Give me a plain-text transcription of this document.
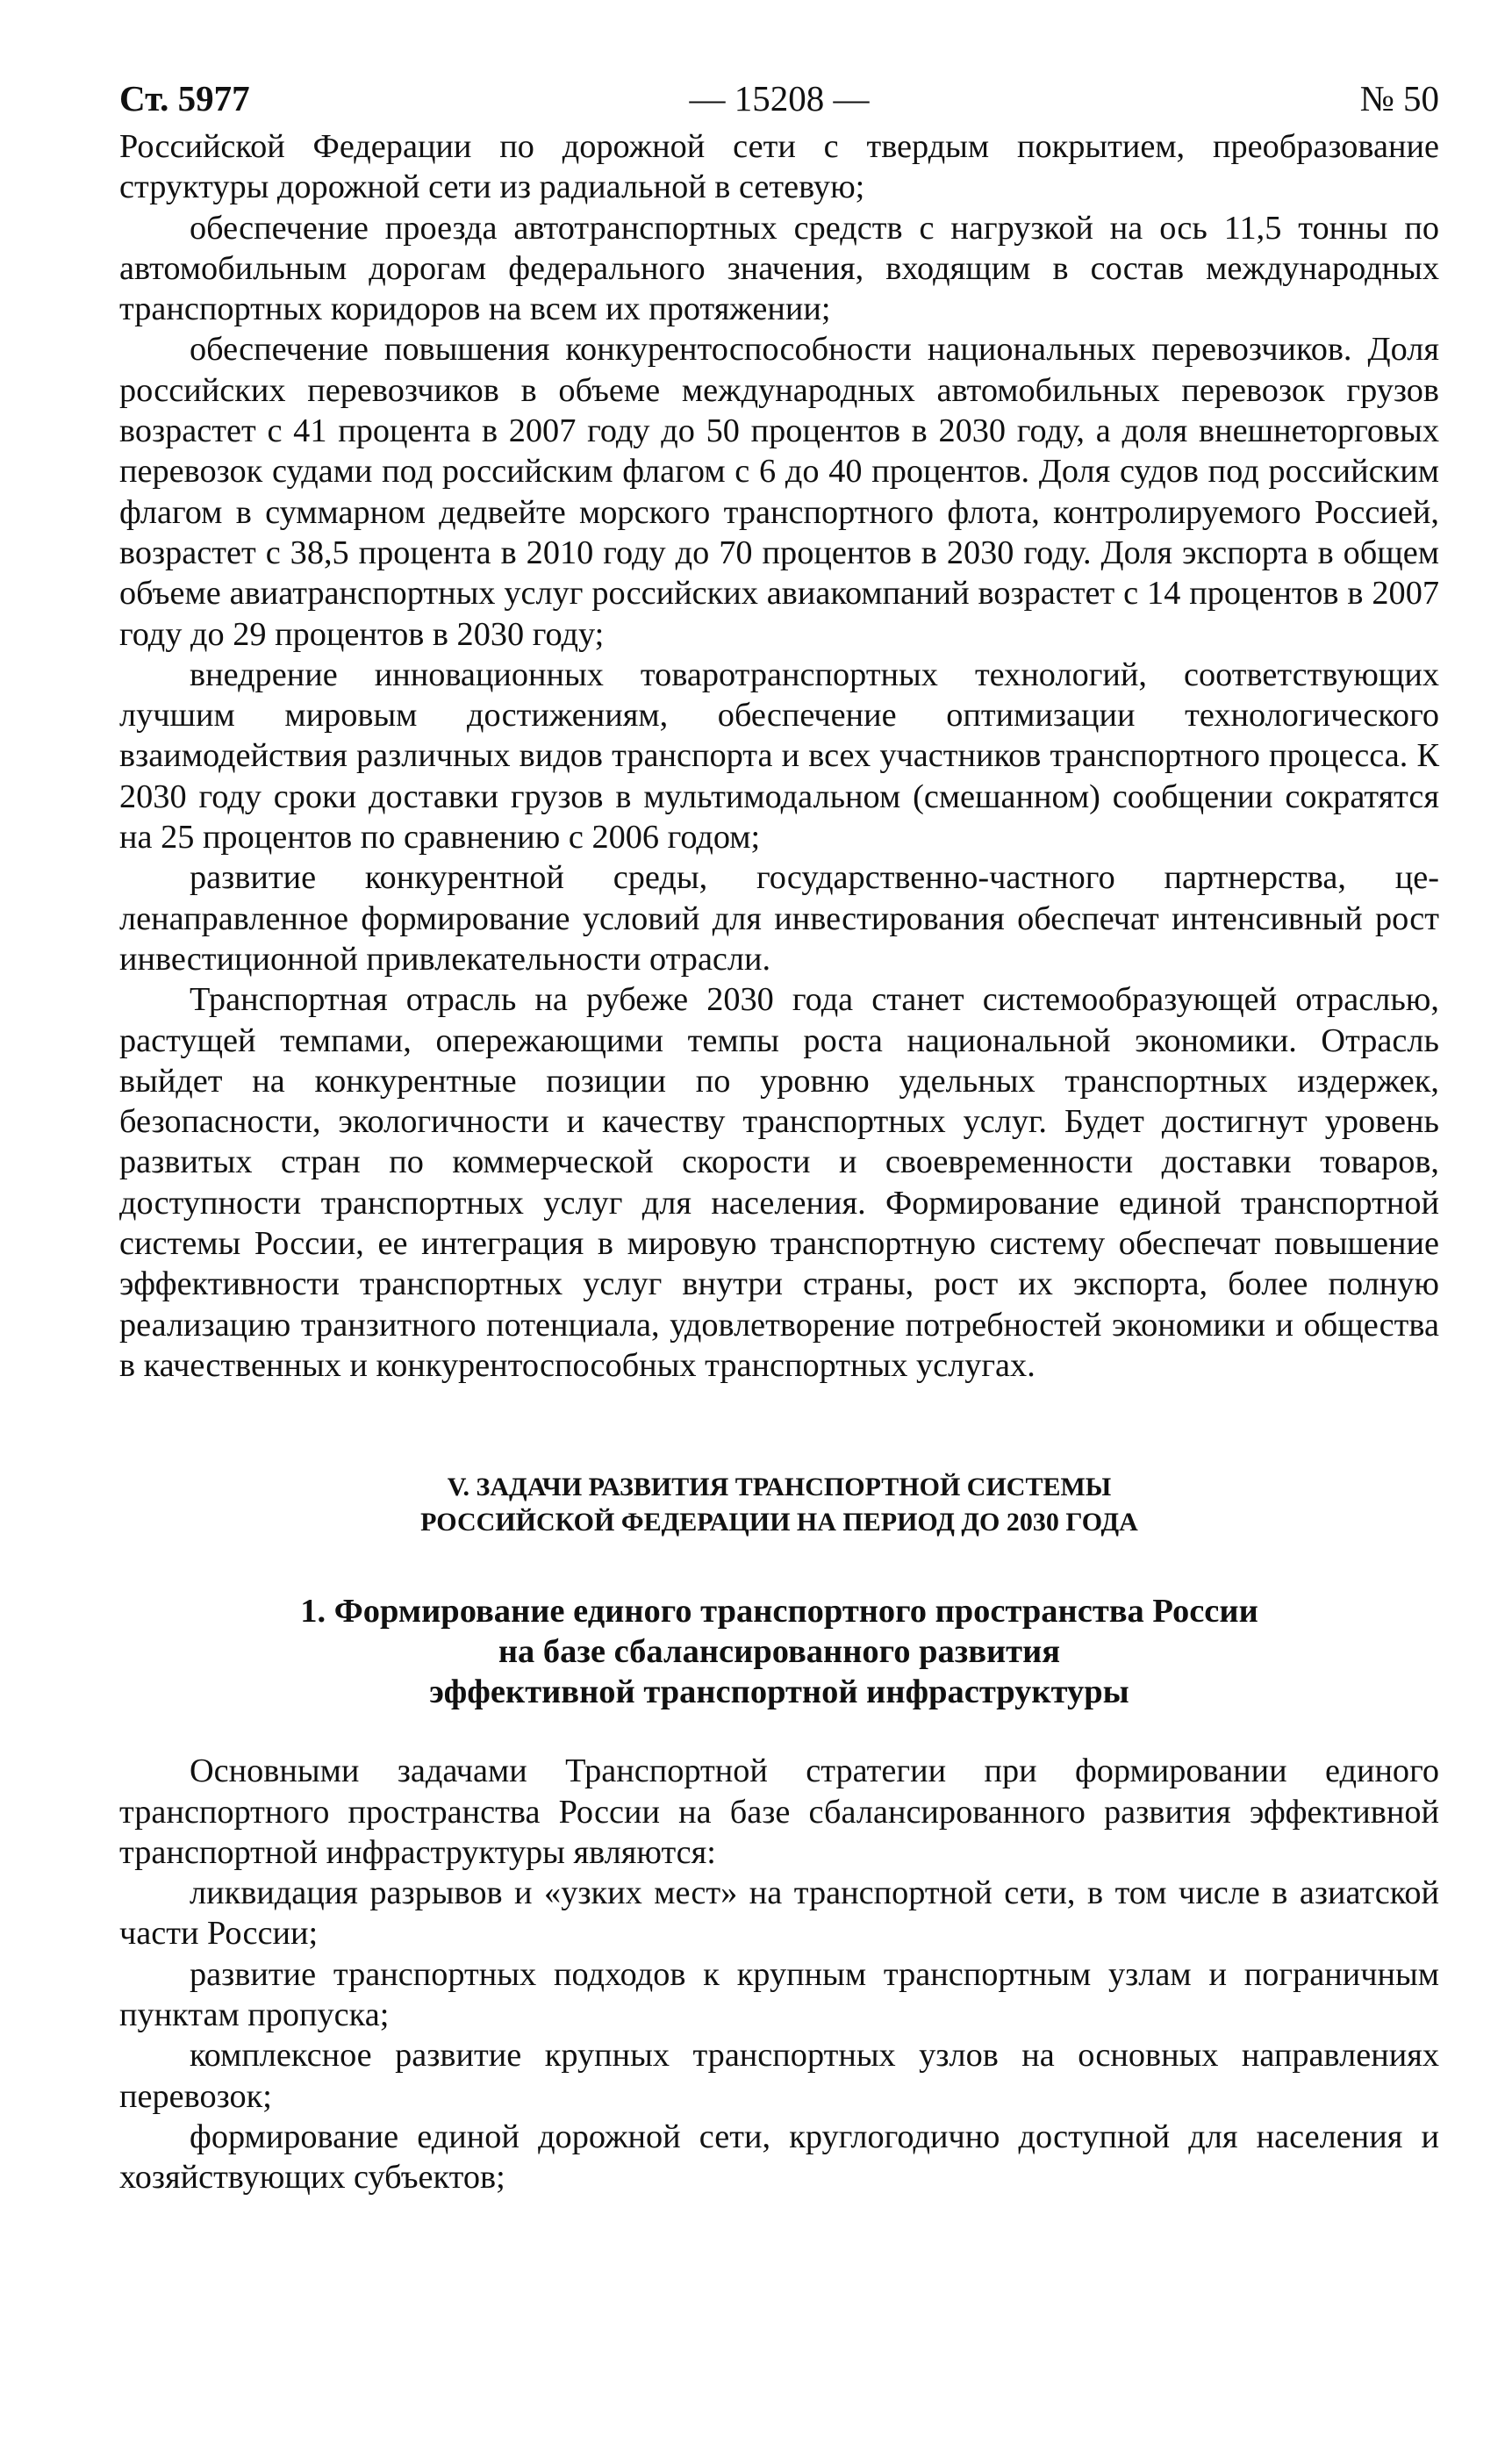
Ст. 5977	— 15208 —	№ 50

Российской Федерации по дорожной сети с твердым покрытием, преобразование структуры дорожной сети из радиальной в сетевую;

обеспечение проезда автотранспортных средств с нагрузкой на ось 11,5 тонны по автомобильным дорогам федерального значения, входящим в состав международных транспортных коридоров на всем их протяжении;

обеспечение повышения конкурентоспособности национальных перевозчиков. Доля российских перевозчиков в объеме международных автомобильных перевозок грузов возрастет с 41 процента в 2007 году до 50 процентов в 2030 году, а доля внешнеторговых перевозок судами под российским флагом с 6 до 40 процентов. Доля судов под российским флагом в суммарном дедвейте морского транспортного флота, контролируемого Россией, возрастет с 38,5 процента в 2010 году до 70 процентов в 2030 году. Доля экспорта в общем объеме авиатранспортных услуг российских авиакомпаний возрастет с 14 процентов в 2007 году до 29 процентов в 2030 году;

внедрение инновационных товаротранспортных технологий, соответствующих лучшим мировым достижениям, обеспечение оптимизации технологического взаимодействия различных видов транспорта и всех участников транспортного процесса. К 2030 году сроки доставки грузов в мультимодальном (смешанном) сообщении сократятся на 25 процентов по сравнению с 2006 годом;

развитие конкурентной среды, государственно-частного партнерства, целенаправленное формирование условий для инвестирования обеспечат интенсивный рост инвестиционной привлекательности отрасли.

Транспортная отрасль на рубеже 2030 года станет системообразующей отраслью, растущей темпами, опережающими темпы роста национальной экономики. Отрасль выйдет на конкурентные позиции по уровню удельных транспортных издержек, безопасности, экологичности и качеству транспортных услуг. Будет достигнут уровень развитых стран по коммерческой скорости и своевременности доставки товаров, доступности транспортных услуг для населения. Формирование единой транспортной системы России, ее интеграция в мировую транспортную систему обеспечат повышение эффективности транспортных услуг внутри страны, рост их экспорта, более полную реализацию транзитного потенциала, удовлетворение потребностей экономики и общества в качественных и конкурентоспособных транспортных услугах.

V. ЗАДАЧИ РАЗВИТИЯ ТРАНСПОРТНОЙ СИСТЕМЫ
РОССИЙСКОЙ ФЕДЕРАЦИИ НА ПЕРИОД ДО 2030 ГОДА
1. Формирование единого транспортного пространства России
на базе сбалансированного развития
эффективной транспортной инфраструктуры

Основными задачами Транспортной стратегии при формировании единого транспортного пространства России на базе сбалансированного развития эффективной транспортной инфраструктуры являются:

ликвидация разрывов и «узких мест» на транспортной сети, в том числе в азиатской части России;

развитие транспортных подходов к крупным транспортным узлам и пограничным пунктам пропуска;

комплексное развитие крупных транспортных узлов на основных направлениях перевозок;

формирование единой дорожной сети, круглогодично доступной для населения и хозяйствующих субъектов;
